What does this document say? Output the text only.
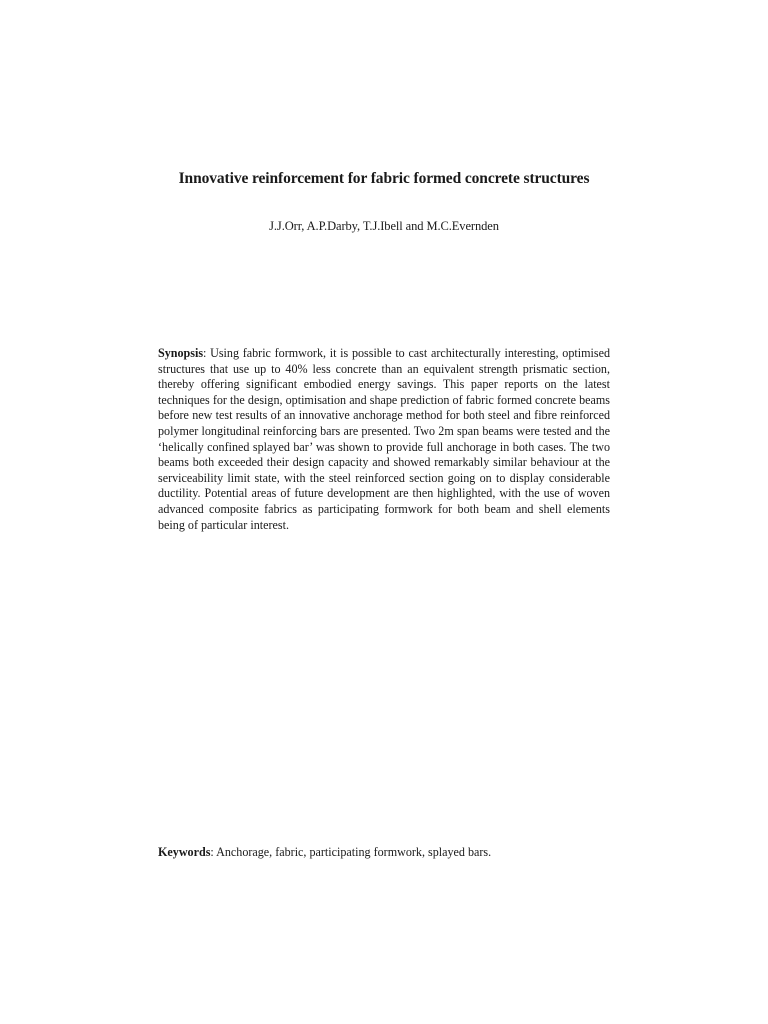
Innovative reinforcement for fabric formed concrete structures
J.J.Orr, A.P.Darby, T.J.Ibell and M.C.Evernden
Synopsis: Using fabric formwork, it is possible to cast architecturally interesting, optimised structures that use up to 40% less concrete than an equivalent strength prismatic section, thereby offering significant embodied energy savings. This paper reports on the latest techniques for the design, optimisation and shape prediction of fabric formed concrete beams before new test results of an innovative anchorage method for both steel and fibre reinforced polymer longitudinal reinforcing bars are presented. Two 2m span beams were tested and the ‘helically confined splayed bar’ was shown to provide full anchorage in both cases. The two beams both exceeded their design capacity and showed remarkably similar behaviour at the serviceability limit state, with the steel reinforced section going on to display considerable ductility. Potential areas of future development are then highlighted, with the use of woven advanced composite fabrics as participating formwork for both beam and shell elements being of particular interest.
Keywords: Anchorage, fabric, participating formwork, splayed bars.
